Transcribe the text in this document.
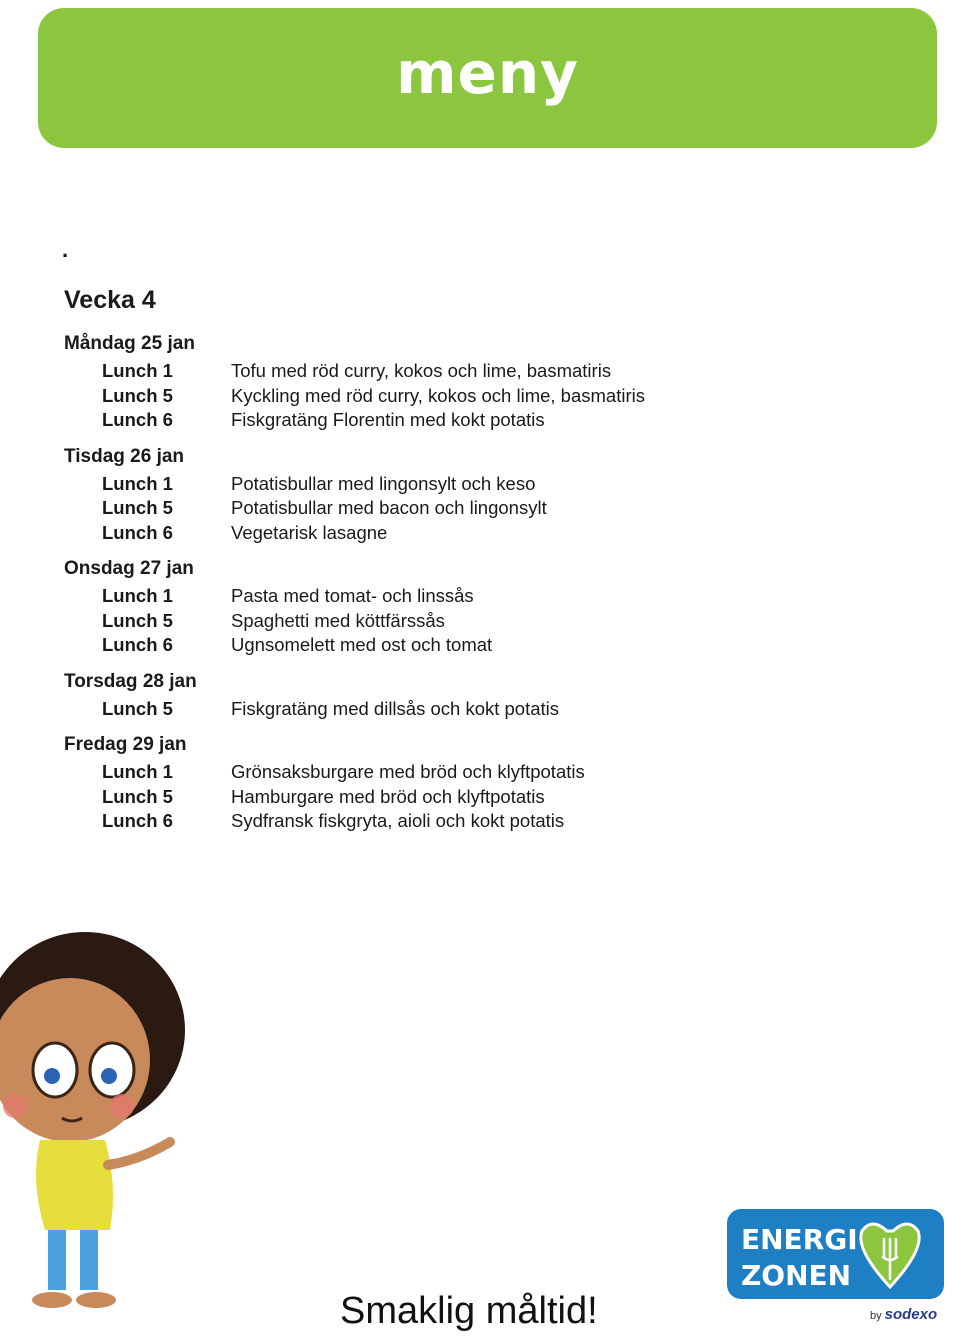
meny
.
Vecka 4
Måndag 25 jan
Lunch 1	Tofu med röd curry, kokos och lime, basmatiris
Lunch 5	Kyckling med röd curry, kokos och lime, basmatiris
Lunch 6	Fiskgratäng Florentin med kokt potatis
Tisdag 26 jan
Lunch 1	Potatisbullar med lingonsylt och keso
Lunch 5	Potatisbullar med bacon och lingonsylt
Lunch 6	Vegetarisk lasagne
Onsdag 27 jan
Lunch 1	Pasta med tomat- och linssås
Lunch 5	Spaghetti med köttfärssås
Lunch 6	Ugnsomelett med ost och tomat
Torsdag 28 jan
Lunch 5	Fiskgratäng med dillsås och kokt potatis
Fredag 29 jan
Lunch 1	Grönsaksburgare med bröd och klyftpotatis
Lunch 5	Hamburgare med bröd och klyftpotatis
Lunch 6	Sydfransk fiskgryta, aioli och kokt potatis
ENERGI
ZONEN
by sodexo
Smaklig måltid!
